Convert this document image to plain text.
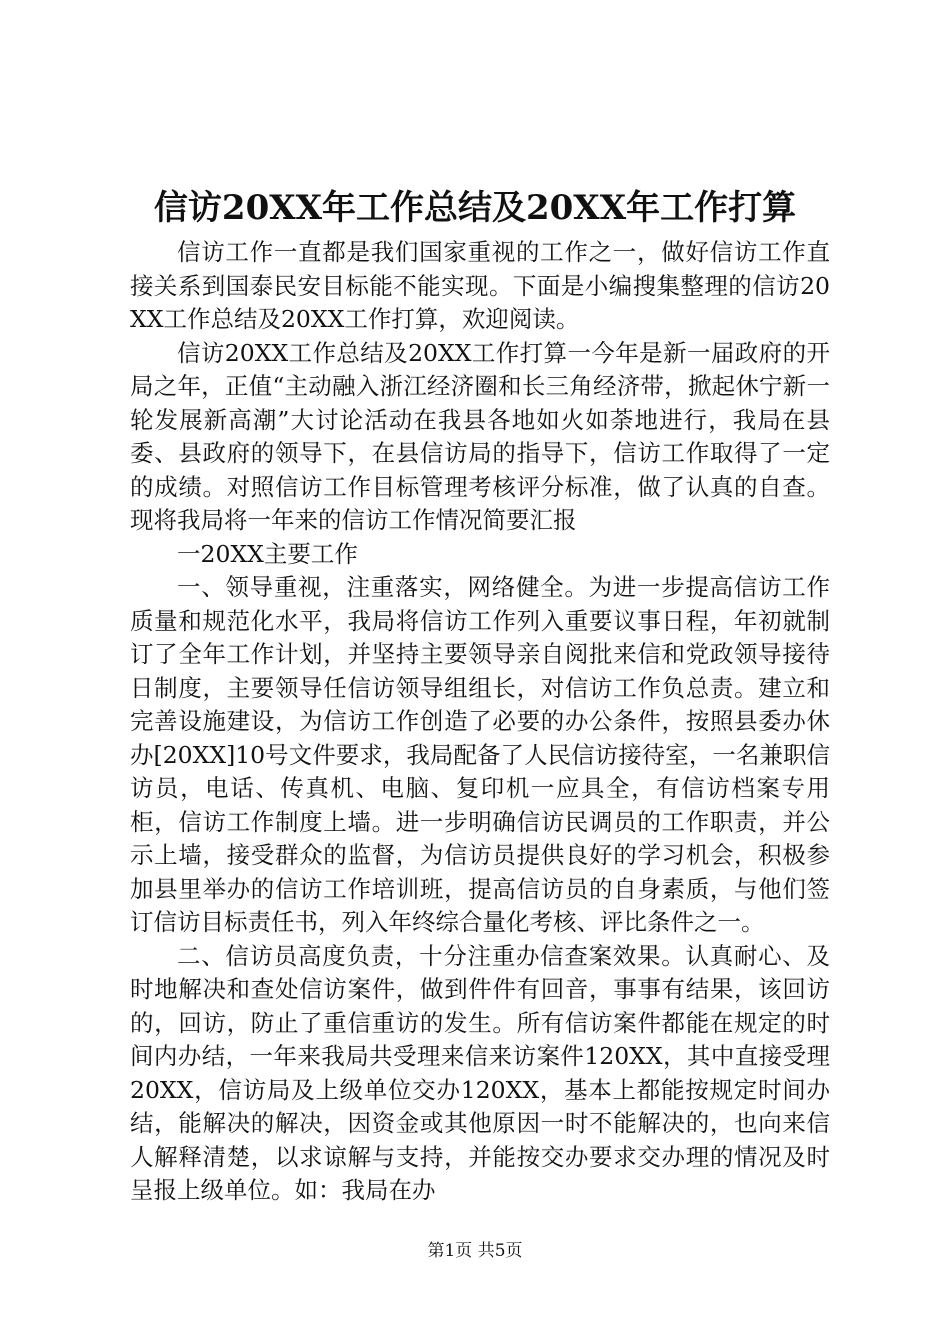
信访20XX年工作总结及20XX年工作打算

信访工作一直都是我们国家重视的工作之一，做好信访工作直接关系到国泰民安目标能不能实现。下面是小编搜集整理的信访20XX工作总结及20XX工作打算，欢迎阅读。

信访20XX工作总结及20XX工作打算一今年是新一届政府的开局之年，正值“主动融入浙江经济圈和长三角经济带，掀起休宁新一轮发展新高潮”大讨论活动在我县各地如火如荼地进行，我局在县委、县政府的领导下，在县信访局的指导下，信访工作取得了一定的成绩。对照信访工作目标管理考核评分标准，做了认真的自查。现将我局将一年来的信访工作情况简要汇报

一20XX主要工作

一、领导重视，注重落实，网络健全。为进一步提高信访工作质量和规范化水平，我局将信访工作列入重要议事日程，年初就制订了全年工作计划，并坚持主要领导亲自阅批来信和党政领导接待日制度，主要领导任信访领导组组长，对信访工作负总责。建立和完善设施建设，为信访工作创造了必要的办公条件，按照县委办休办[20XX]10号文件要求，我局配备了人民信访接待室，一名兼职信访员，电话、传真机、电脑、复印机一应具全，有信访档案专用柜，信访工作制度上墙。进一步明确信访民调员的工作职责，并公示上墙，接受群众的监督，为信访员提供良好的学习机会，积极参加县里举办的信访工作培训班，提高信访员的自身素质，与他们签订信访目标责任书，列入年终综合量化考核、评比条件之一。

二、信访员高度负责，十分注重办信查案效果。认真耐心、及时地解决和查处信访案件，做到件件有回音，事事有结果，该回访的，回访，防止了重信重访的发生。所有信访案件都能在规定的时间内办结，一年来我局共受理来信来访案件120XX，其中直接受理20XX，信访局及上级单位交办120XX，基本上都能按规定时间办结，能解决的解决，因资金或其他原因一时不能解决的，也向来信人解释清楚，以求谅解与支持，并能按交办要求交办理的情况及时呈报上级单位。如：我局在办

第1页 共5页
